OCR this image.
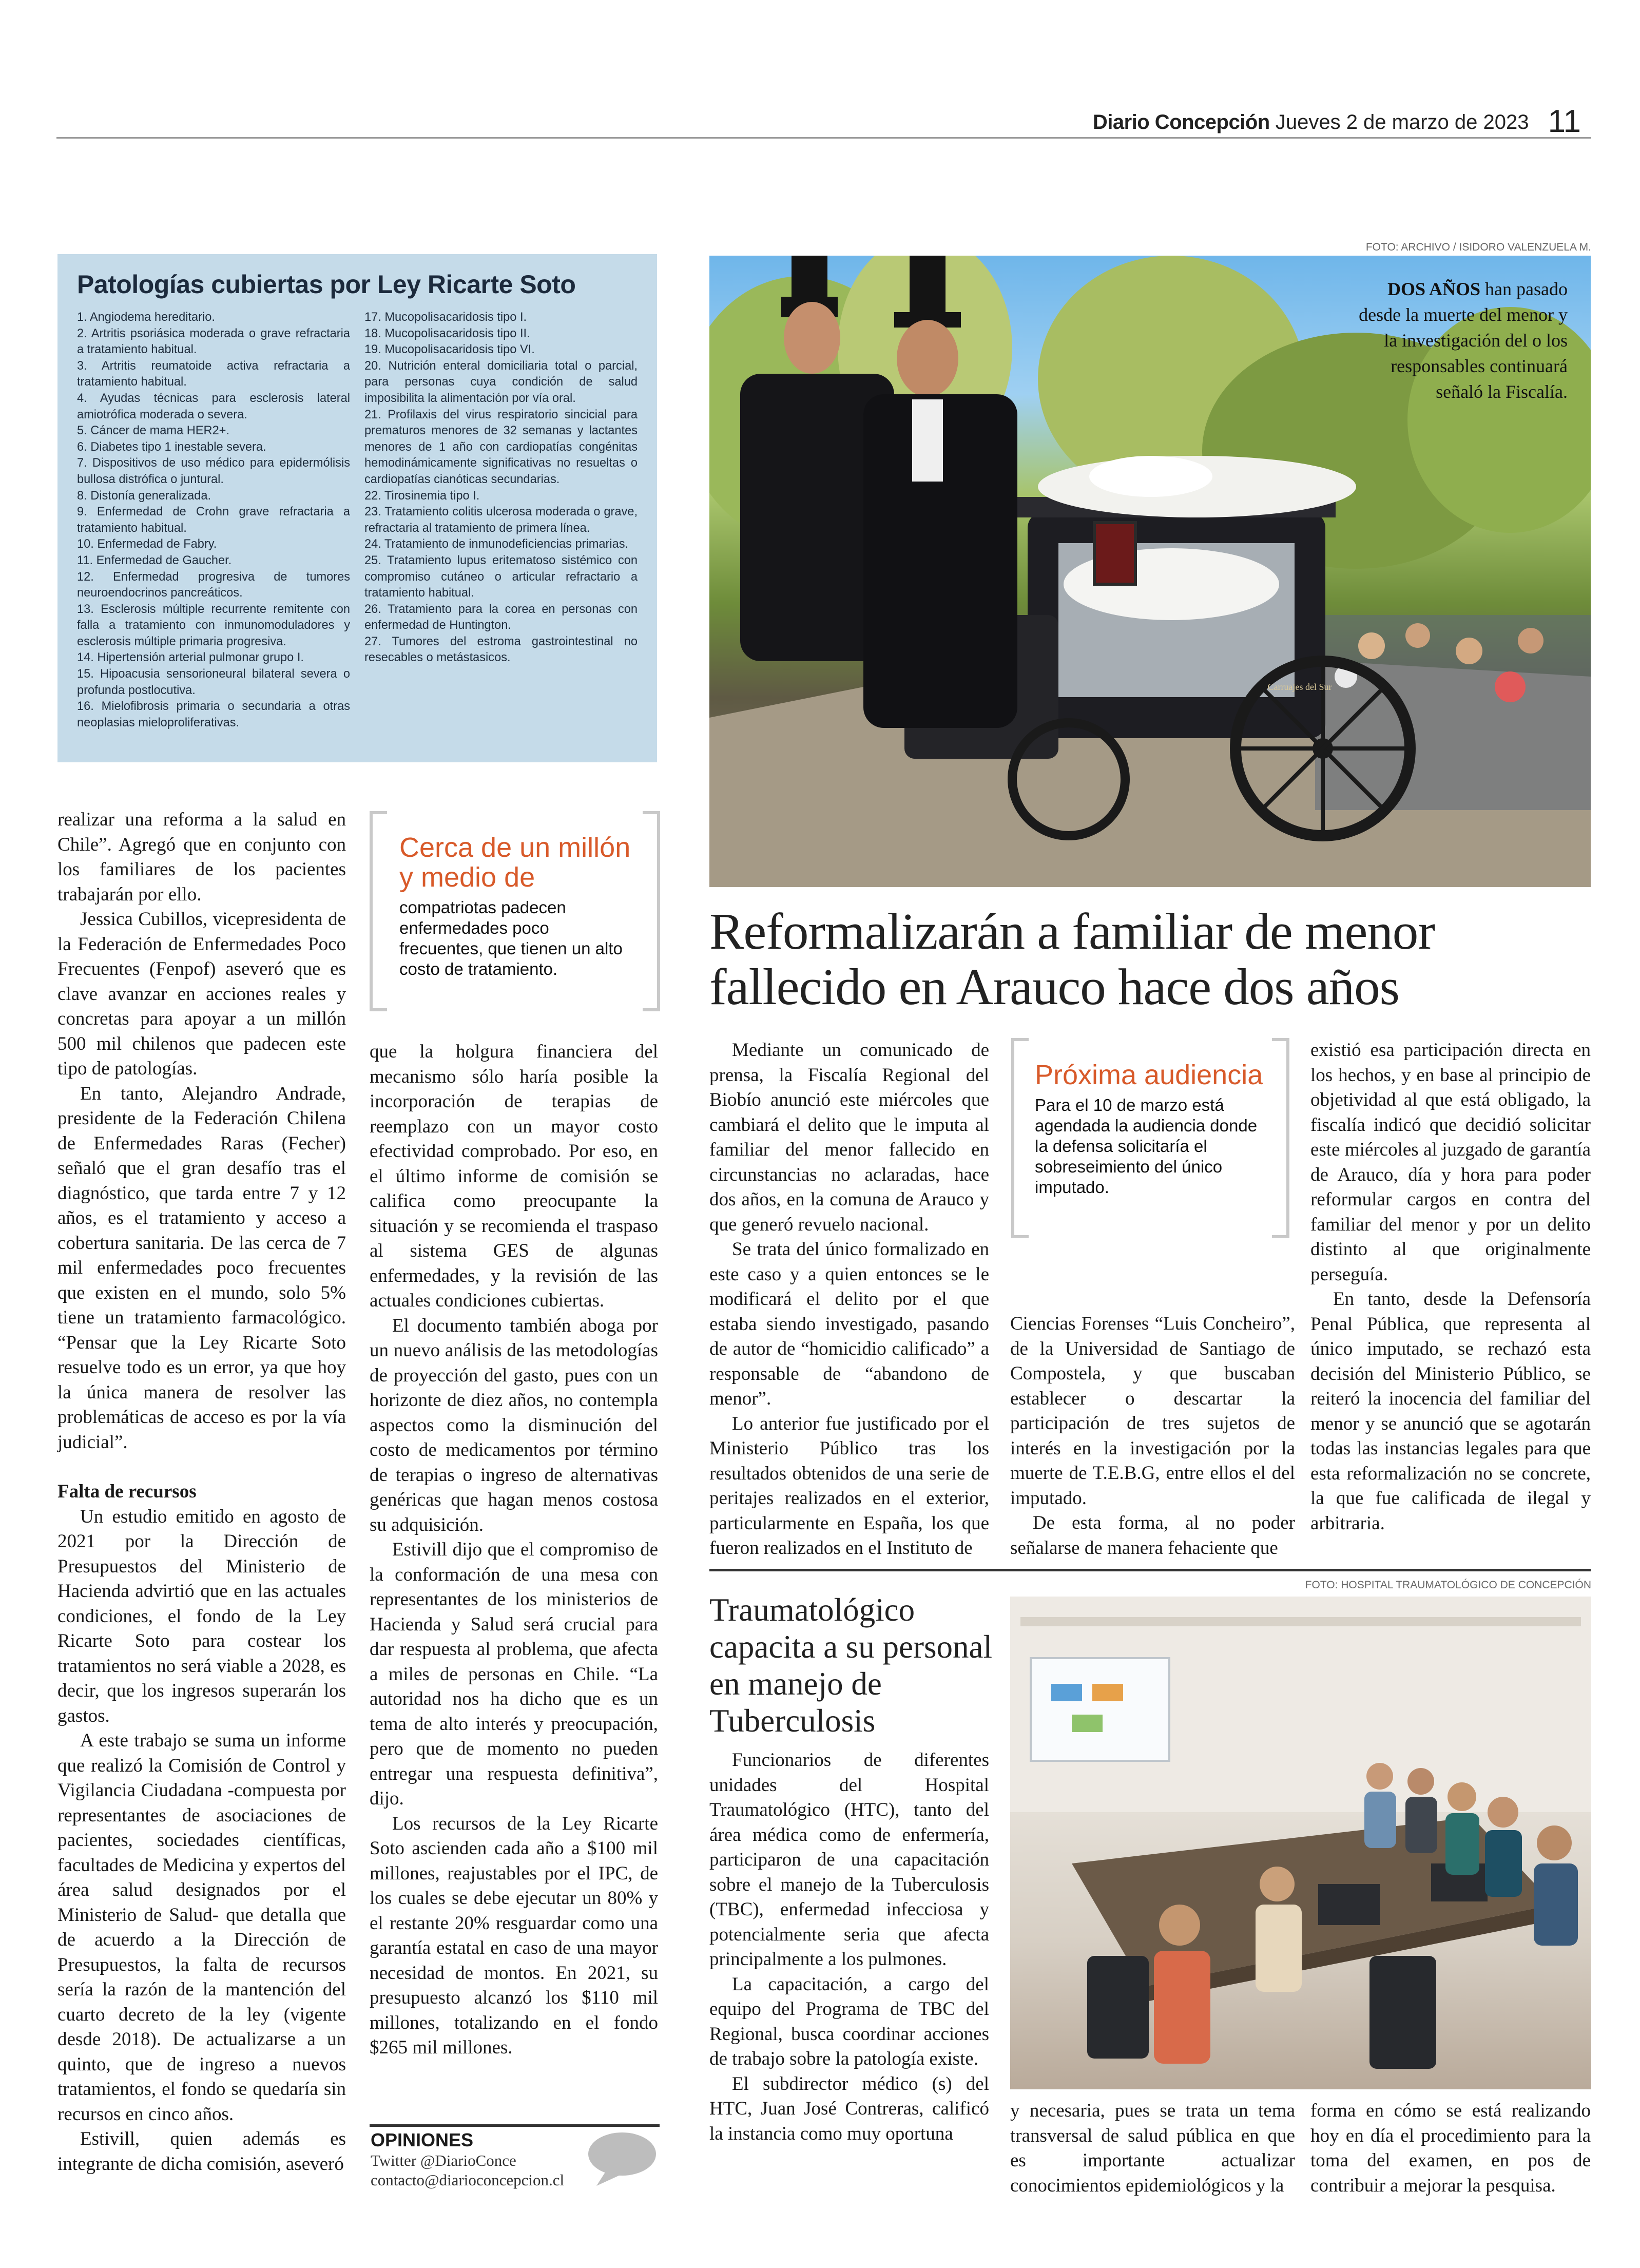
Diario Concepción Jueves 2 de marzo de 2023 11
Patologías cubiertas por Ley Ricarte Soto
1. Angiodema hereditario.
2. Artritis psoriásica moderada o grave refractaria a tratamiento habitual.
3. Artritis reumatoide activa refractaria a tratamiento habitual.
4. Ayudas técnicas para esclerosis lateral amiotrófica moderada o severa.
5. Cáncer de mama HER2+.
6. Diabetes tipo 1 inestable severa.
7. Dispositivos de uso médico para epidermólisis bullosa distrófica o juntural.
8. Distonía generalizada.
9. Enfermedad de Crohn grave refractaria a tratamiento habitual.
10. Enfermedad de Fabry.
11. Enfermedad de Gaucher.
12. Enfermedad progresiva de tumores neuroendocrinos pancreáticos.
13. Esclerosis múltiple recurrente remitente con falla a tratamiento con inmunomoduladores y esclerosis múltiple primaria progresiva.
14. Hipertensión arterial pulmonar grupo I.
15. Hipoacusia sensorioneural bilateral severa o profunda postlocutiva.
16. Mielofibrosis primaria o secundaria a otras neoplasias mieloproliferativas.
17. Mucopolisacaridosis tipo I.
18. Mucopolisacaridosis tipo II.
19. Mucopolisacaridosis tipo VI.
20. Nutrición enteral domiciliaria total o parcial, para personas cuya condición de salud imposibilita la alimentación por vía oral.
21. Profilaxis del virus respiratorio sincicial para prematuros menores de 32 semanas y lactantes menores de 1 año con cardiopatías congénitas hemodinámicamente significativas no resueltas o cardiopatías cianóticas secundarias.
22. Tirosinemia tipo I.
23. Tratamiento colitis ulcerosa moderada o grave, refractaria al tratamiento de primera línea.
24. Tratamiento de inmunodeficiencias primarias.
25. Tratamiento lupus eritematoso sistémico con compromiso cutáneo o articular refractario a tratamiento habitual.
26. Tratamiento para la corea en personas con enfermedad de Huntington.
27. Tumores del estroma gastrointestinal no resecables o metástasicos.
FOTO: ARCHIVO / ISIDORO VALENZUELA M.
DOS AÑOS han pasado desde la muerte del menor y la investigación del o los responsables continuará señaló la Fiscalía.
Carruajes del Sur

realizar una reforma a la salud en Chile”. Agregó que en conjunto con los familiares de los pacientes trabajarán por ello.

Jessica Cubillos, vicepresidenta de la Federación de Enfermedades Poco Frecuentes (Fenpof) aseveró que es clave avanzar en acciones reales y concretas para apoyar a un millón 500 mil chilenos que padecen este tipo de patologías.

En tanto, Alejandro Andrade, presidente de la Federación Chilena de Enfermedades Raras (Fecher) señaló que el gran desafío tras el diagnóstico, que tarda entre 7 y 12 años, es el tratamiento y acceso a cobertura sanitaria. De las cerca de 7 mil enfermedades poco frecuentes que existen en el mundo, solo 5% tiene un tratamiento farmacológico. “Pensar que la Ley Ricarte Soto resuelve todo es un error, ya que hoy la única manera de resolver las problemáticas de acceso es por la vía judicial”.

Falta de recursos

Un estudio emitido en agosto de 2021 por la Dirección de Presupuestos del Ministerio de Hacienda advirtió que en las actuales condiciones, el fondo de la Ley Ricarte Soto para costear los tratamientos no será viable a 2028, es decir, que los ingresos superarán los gastos.

A este trabajo se suma un informe que realizó la Comisión de Control y Vigilancia Ciudadana -compuesta por representantes de asociaciones de pacientes, sociedades científicas, facultades de Medicina y expertos del área salud designados por el Ministerio de Salud- que detalla que de acuerdo a la Dirección de Presupuestos, la falta de recursos sería la razón de la mantención del cuarto decreto de la ley (vigente desde 2018). De actualizarse a un quinto, que de ingreso a nuevos tratamientos, el fondo se quedaría sin recursos en cinco años.

Estivill, quien además es integrante de dicha comisión, aseveró

Cerca de un millón y medio de
compatriotas padecen enfermedades poco frecuentes, que tienen un alto costo de tratamiento.

que la holgura financiera del mecanismo sólo haría posible la incorporación de terapias de reemplazo con un mayor costo efectividad comprobado. Por eso, en el último informe de comisión se califica como preocupante la situación y se recomienda el traspaso al sistema GES de algunas enfermedades, y la revisión de las actuales condiciones cubiertas.

El documento también aboga por un nuevo análisis de las metodologías de proyección del gasto, pues con un horizonte de diez años, no contempla aspectos como la disminución del costo de medicamentos por término de terapias o ingreso de alternativas genéricas que hagan menos costosa su adquisición.

Estivill dijo que el compromiso de la conformación de una mesa con representantes de los ministerios de Hacienda y Salud será crucial para dar respuesta al problema, que afecta a miles de personas en Chile. “La autoridad nos ha dicho que es un tema de alto interés y preocupación, pero que de momento no pueden entregar una respuesta definitiva”, dijo.

Los recursos de la Ley Ricarte Soto ascienden cada año a $100 mil millones, reajustables por el IPC, de los cuales se debe ejecutar un 80% y el restante 20% resguardar como una garantía estatal en caso de una mayor necesidad de montos. En 2021, su presupuesto alcanzó los $110 mil millones, totalizando en el fondo $265 mil millones.

OPINIONES
Twitter @DiarioConce
contacto@diarioconcepcion.cl
Reformalizarán a familiar de menor fallecido en Arauco hace dos años

Mediante un comunicado de prensa, la Fiscalía Regional del Biobío anunció este miércoles que cambiará el delito que le imputa al familiar del menor fallecido en circunstancias no aclaradas, hace dos años, en la comuna de Arauco y que generó revuelo nacional.

Se trata del único formalizado en este caso y a quien entonces se le modificará el delito por el que estaba siendo investigado, pasando de autor de “homicidio calificado” a responsable de “abandono de menor”.

Lo anterior fue justificado por el Ministerio Público tras los resultados obtenidos de una serie de peritajes realizados en el exterior, particularmente en España, los que fueron realizados en el Instituto de

Próxima audiencia
Para el 10 de marzo está agendada la audiencia donde la defensa solicitaría el sobreseimiento del único imputado.

Ciencias Forenses “Luis Concheiro”, de la Universidad de Santiago de Compostela, y que buscaban establecer o descartar la participación de tres sujetos de interés en la investigación por la muerte de T.E.B.G, entre ellos el del imputado.

De esta forma, al no poder señalarse de manera fehaciente que

existió esa participación directa en los hechos, y en base al principio de objetividad al que está obligado, la fiscalía indicó que decidió solicitar este miércoles al juzgado de garantía de Arauco, día y hora para poder reformular cargos en contra del familiar del menor y por un delito distinto al que originalmente perseguía.

En tanto, desde la Defensoría Penal Pública, que representa al único imputado, se rechazó esta decisión del Ministerio Público, se reiteró la inocencia del familiar del menor y se anunció que se agotarán todas las instancias legales para que esta reformalización no se concrete, la que fue calificada de ilegal y arbitraria.

FOTO: HOSPITAL TRAUMATOLÓGICO DE CONCEPCIÓN
Traumatológico capacita a su personal en manejo de Tuberculosis

Funcionarios de diferentes unidades del Hospital Traumatológico (HTC), tanto del área médica como de enfermería, participaron de una capacitación sobre el manejo de la Tuberculosis (TBC), enfermedad infecciosa y potencialmente seria que afecta principalmente a los pulmones.

La capacitación, a cargo del equipo del Programa de TBC del Regional, busca coordinar acciones de trabajo sobre la patología existe.

El subdirector médico (s) del HTC, Juan José Contreras, calificó la instancia como muy oportuna

y necesaria, pues se trata un tema transversal de salud pública en que es importante actualizar conocimientos epidemiológicos y la

forma en cómo se está realizando hoy en día el procedimiento para la toma del examen, en pos de contribuir a mejorar la pesquisa.
